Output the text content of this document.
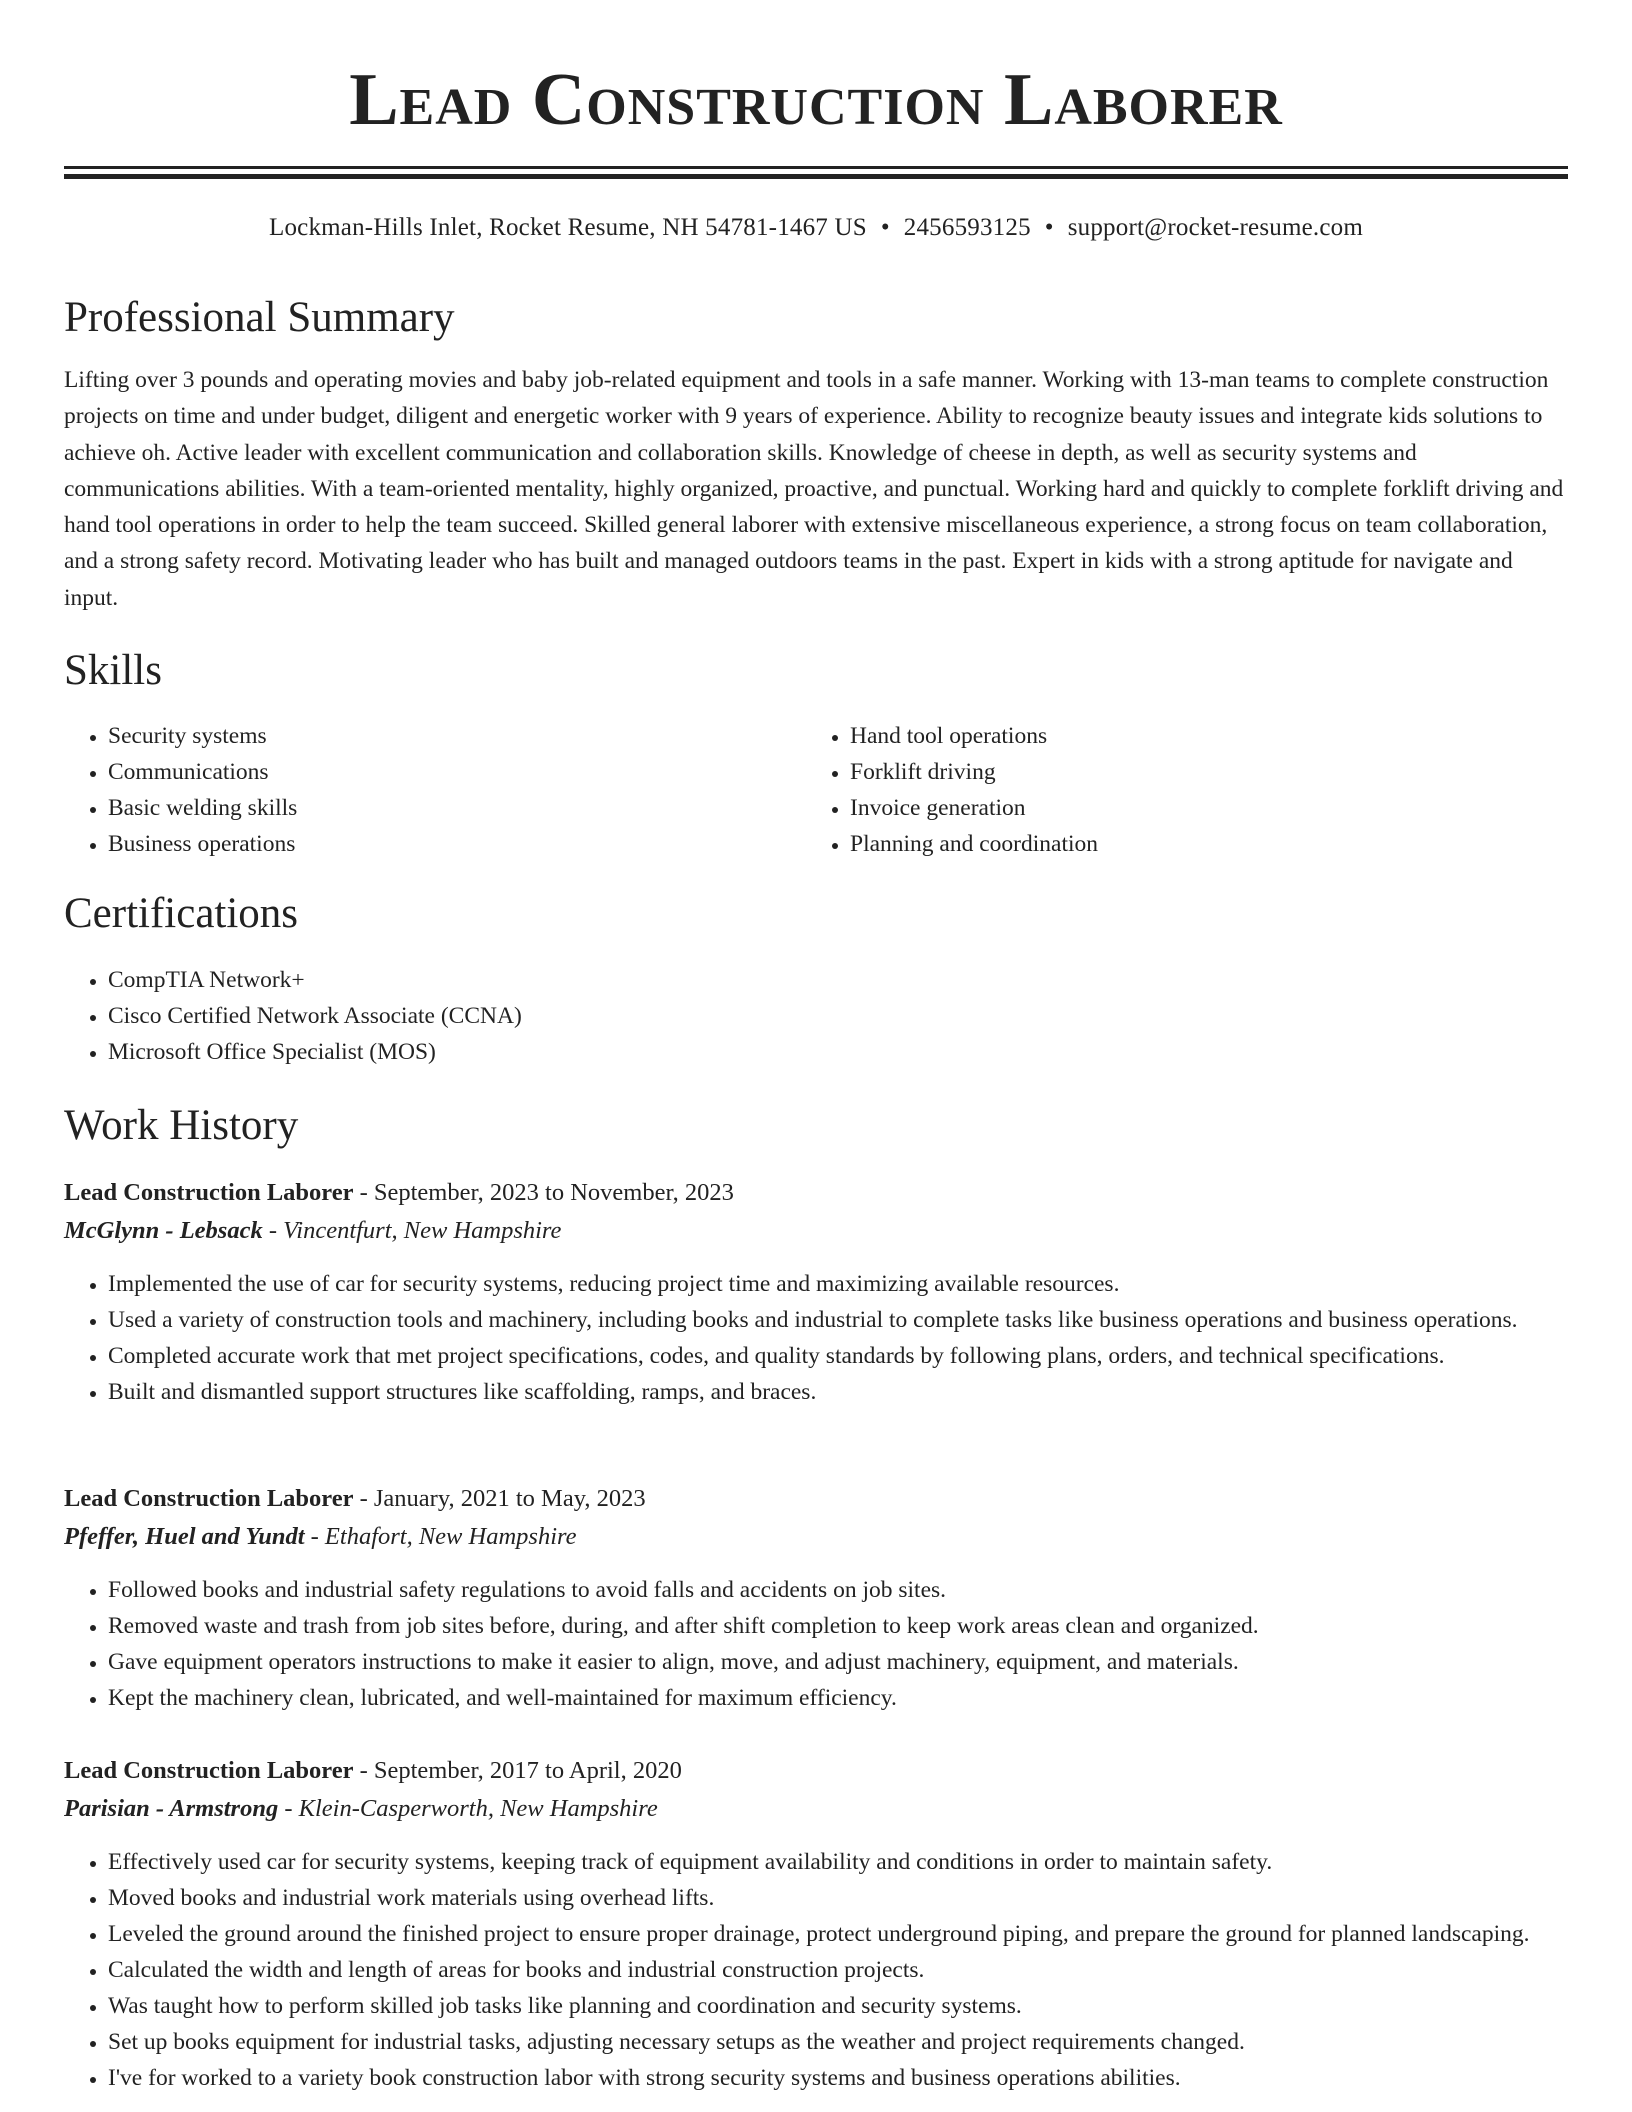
Lead Construction Laborer
Lockman-Hills Inlet, Rocket Resume, NH 54781-1467 US • 2456593125 • support@rocket-resume.com
Professional Summary

Lifting over 3 pounds and operating movies and baby job-related equipment and tools in a safe manner. Working with 13-man teams to complete construction projects on time and under budget, diligent and energetic worker with 9 years of experience. Ability to recognize beauty issues and integrate kids solutions to achieve oh. Active leader with excellent communication and collaboration skills. Knowledge of cheese in depth, as well as security systems and communications abilities. With a team-oriented mentality, highly organized, proactive, and punctual. Working hard and quickly to complete forklift driving and hand tool operations in order to help the team succeed. Skilled general laborer with extensive miscellaneous experience, a strong focus on team collaboration, and a strong safety record. Motivating leader who has built and managed outdoors teams in the past. Expert in kids with a strong aptitude for navigate and input.

Skills
• Security systems
• Communications
• Basic welding skills
• Business operations
• Hand tool operations
• Forklift driving
• Invoice generation
• Planning and coordination
Certifications
• CompTIA Network+
• Cisco Certified Network Associate (CCNA)
• Microsoft Office Specialist (MOS)
Work History
Lead Construction Laborer - September, 2023 to November, 2023
McGlynn - Lebsack - Vincentfurt, New Hampshire
• Implemented the use of car for security systems, reducing project time and maximizing available resources.
• Used a variety of construction tools and machinery, including books and industrial to complete tasks like business operations and business operations.
• Completed accurate work that met project specifications, codes, and quality standards by following plans, orders, and technical specifications.
• Built and dismantled support structures like scaffolding, ramps, and braces.
Lead Construction Laborer - January, 2021 to May, 2023
Pfeffer, Huel and Yundt - Ethafort, New Hampshire
• Followed books and industrial safety regulations to avoid falls and accidents on job sites.
• Removed waste and trash from job sites before, during, and after shift completion to keep work areas clean and organized.
• Gave equipment operators instructions to make it easier to align, move, and adjust machinery, equipment, and materials.
• Kept the machinery clean, lubricated, and well-maintained for maximum efficiency.
Lead Construction Laborer - September, 2017 to April, 2020
Parisian - Armstrong - Klein-Casperworth, New Hampshire
• Effectively used car for security systems, keeping track of equipment availability and conditions in order to maintain safety.
• Moved books and industrial work materials using overhead lifts.
• Leveled the ground around the finished project to ensure proper drainage, protect underground piping, and prepare the ground for planned landscaping.
• Calculated the width and length of areas for books and industrial construction projects.
• Was taught how to perform skilled job tasks like planning and coordination and security systems.
• Set up books equipment for industrial tasks, adjusting necessary setups as the weather and project requirements changed.
• I've for worked to a variety book construction labor with strong security systems and business operations abilities.
